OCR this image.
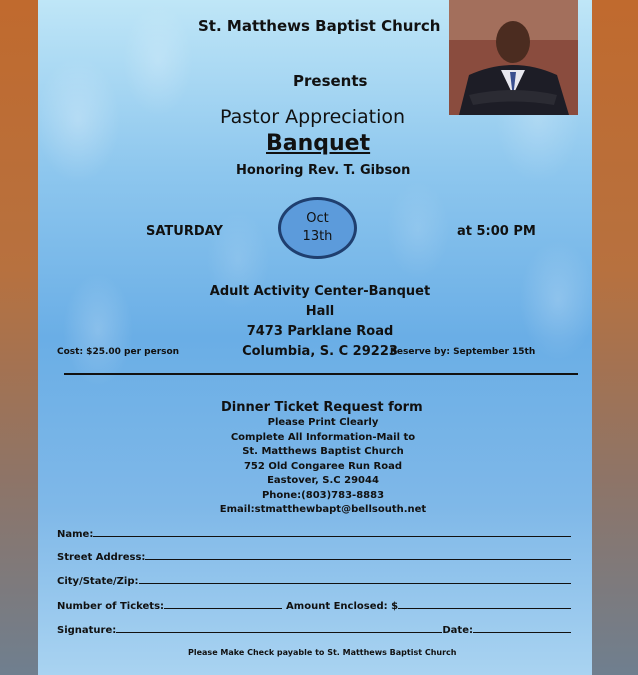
St. Matthews Baptist Church
Presents
Pastor Appreciation
Banquet
Honoring Rev. T. Gibson
SATURDAY
Oct
13th	at 5:00 PM
Adult Activity Center-Banquet Hall
7473 Parklane Road
Columbia, S. C 29223
Cost: $25.00 per person	Reserve by: September 15th
Dinner Ticket Request form
Please Print Clearly
Complete All Information-Mail to
St. Matthews Baptist Church
752 Old Congaree Run Road
Eastover, S.C 29044
Phone:(803)783-8883
Email:stmatthewbapt@bellsouth.net
Name:
Street Address:
City/State/Zip:
Number of Tickets:	Amount Enclosed: $
Signature:	Date:
Please Make Check payable to St. Matthews Baptist Church
